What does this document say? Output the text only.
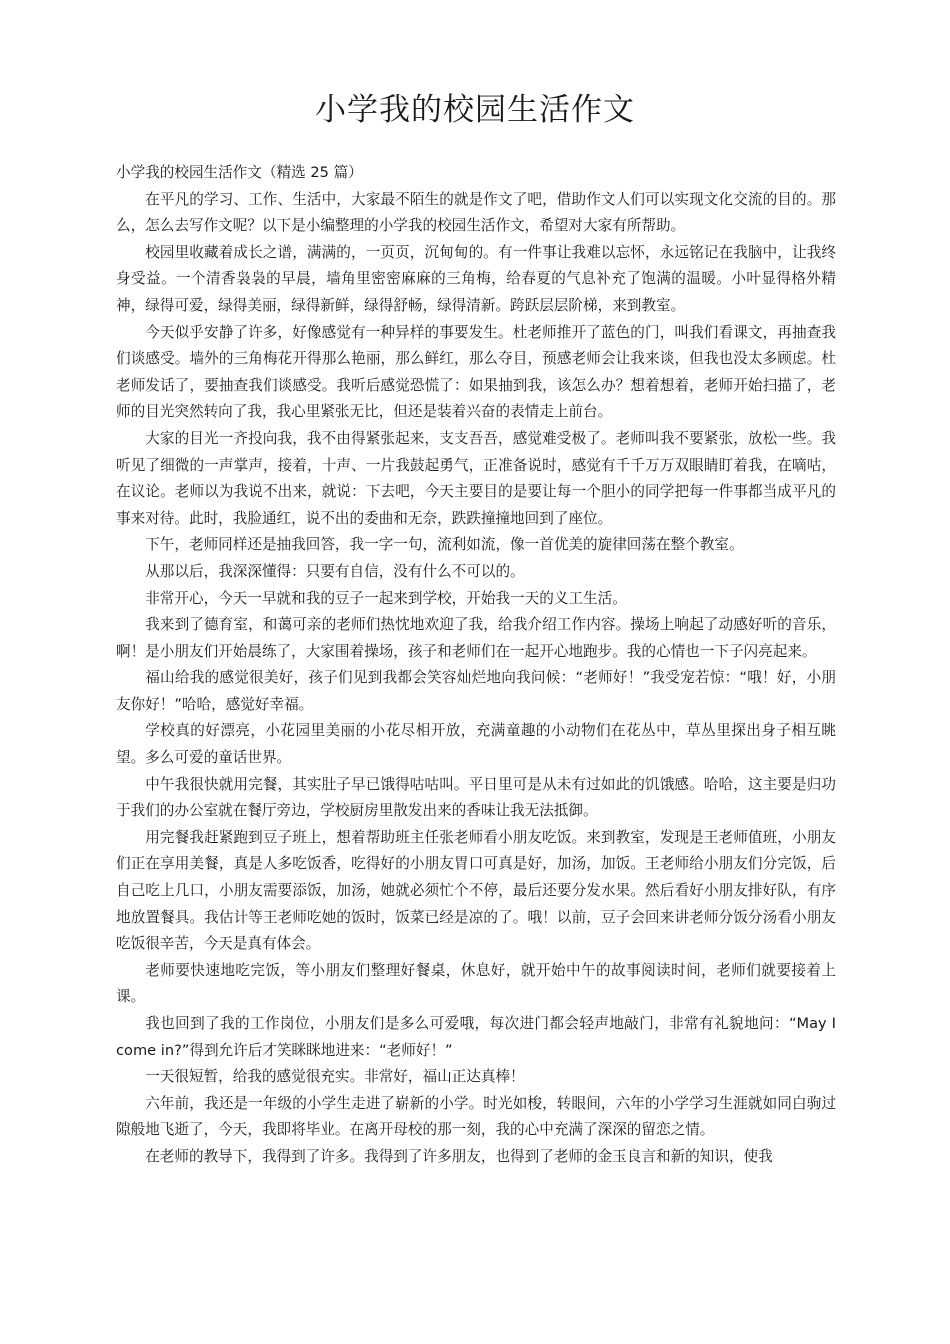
小学我的校园生活作文

小学我的校园生活作文（精选 25 篇）

在平凡的学习、工作、生活中，大家最不陌生的就是作文了吧，借助作文人们可以实现文化交流的目的。那么，怎么去写作文呢？以下是小编整理的小学我的校园生活作文，希望对大家有所帮助。

校园里收藏着成长之谱，满满的，一页页，沉甸甸的。有一件事让我难以忘怀，永远铭记在我脑中，让我终身受益。一个清香袅袅的早晨，墙角里密密麻麻的三角梅，给春夏的气息补充了饱满的温暖。小叶显得格外精神，绿得可爱，绿得美丽，绿得新鲜，绿得舒畅，绿得清新。跨跃层层阶梯，来到教室。

今天似乎安静了许多，好像感觉有一种异样的事要发生。杜老师推开了蓝色的门，叫我们看课文，再抽查我们谈感受。墙外的三角梅花开得那么艳丽，那么鲜红，那么夺目，预感老师会让我来谈，但我也没太多顾虑。杜老师发话了，要抽查我们谈感受。我听后感觉恐慌了：如果抽到我，该怎么办？想着想着，老师开始扫描了，老师的目光突然转向了我，我心里紧张无比，但还是装着兴奋的表情走上前台。

大家的目光一齐投向我，我不由得紧张起来，支支吾吾，感觉难受极了。老师叫我不要紧张，放松一些。我听见了细微的一声掌声，接着，十声、一片我鼓起勇气，正准备说时，感觉有千千万万双眼睛盯着我，在嘀咕，在议论。老师以为我说不出来，就说：下去吧，今天主要目的是要让每一个胆小的同学把每一件事都当成平凡的事来对待。此时，我脸通红，说不出的委曲和无奈，跌跌撞撞地回到了座位。

下午，老师同样还是抽我回答，我一字一句，流利如流，像一首优美的旋律回荡在整个教室。

从那以后，我深深懂得：只要有自信，没有什么不可以的。

非常开心，今天一早就和我的豆子一起来到学校，开始我一天的义工生活。

我来到了德育室，和蔼可亲的老师们热忱地欢迎了我，给我介绍工作内容。操场上响起了动感好听的音乐，啊！是小朋友们开始晨练了，大家围着操场，孩子和老师们在一起开心地跑步。我的心情也一下子闪亮起来。

福山给我的感觉很美好，孩子们见到我都会笑容灿烂地向我问候：“老师好！”我受宠若惊：“哦！好，小朋友你好！”哈哈，感觉好幸福。

学校真的好漂亮，小花园里美丽的小花尽相开放，充满童趣的小动物们在花丛中，草丛里探出身子相互眺望。多么可爱的童话世界。

中午我很快就用完餐，其实肚子早已饿得咕咕叫。平日里可是从未有过如此的饥饿感。哈哈，这主要是归功于我们的办公室就在餐厅旁边，学校厨房里散发出来的香味让我无法抵御。

用完餐我赶紧跑到豆子班上，想着帮助班主任张老师看小朋友吃饭。来到教室，发现是王老师值班，小朋友们正在享用美餐，真是人多吃饭香，吃得好的小朋友胃口可真是好，加汤，加饭。王老师给小朋友们分完饭，后自己吃上几口，小朋友需要添饭，加汤，她就必须忙个不停，最后还要分发水果。然后看好小朋友排好队，有序地放置餐具。我估计等王老师吃她的饭时，饭菜已经是凉的了。哦！以前，豆子会回来讲老师分饭分汤看小朋友吃饭很辛苦，今天是真有体会。

老师要快速地吃完饭，等小朋友们整理好餐桌，休息好，就开始中午的故事阅读时间，老师们就要接着上课。

我也回到了我的工作岗位，小朋友们是多么可爱哦，每次进门都会轻声地敲门，非常有礼貌地问：“May I come in?”得到允许后才笑眯眯地进来：“老师好！”

一天很短暂，给我的感觉很充实。非常好，福山正达真棒！

六年前，我还是一年级的小学生走进了崭新的小学。时光如梭，转眼间，六年的小学学习生涯就如同白驹过隙般地飞逝了，今天，我即将毕业。在离开母校的那一刻，我的心中充满了深深的留恋之情。

在老师的教导下，我得到了许多。我得到了许多朋友，也得到了老师的金玉良言和新的知识，使我
